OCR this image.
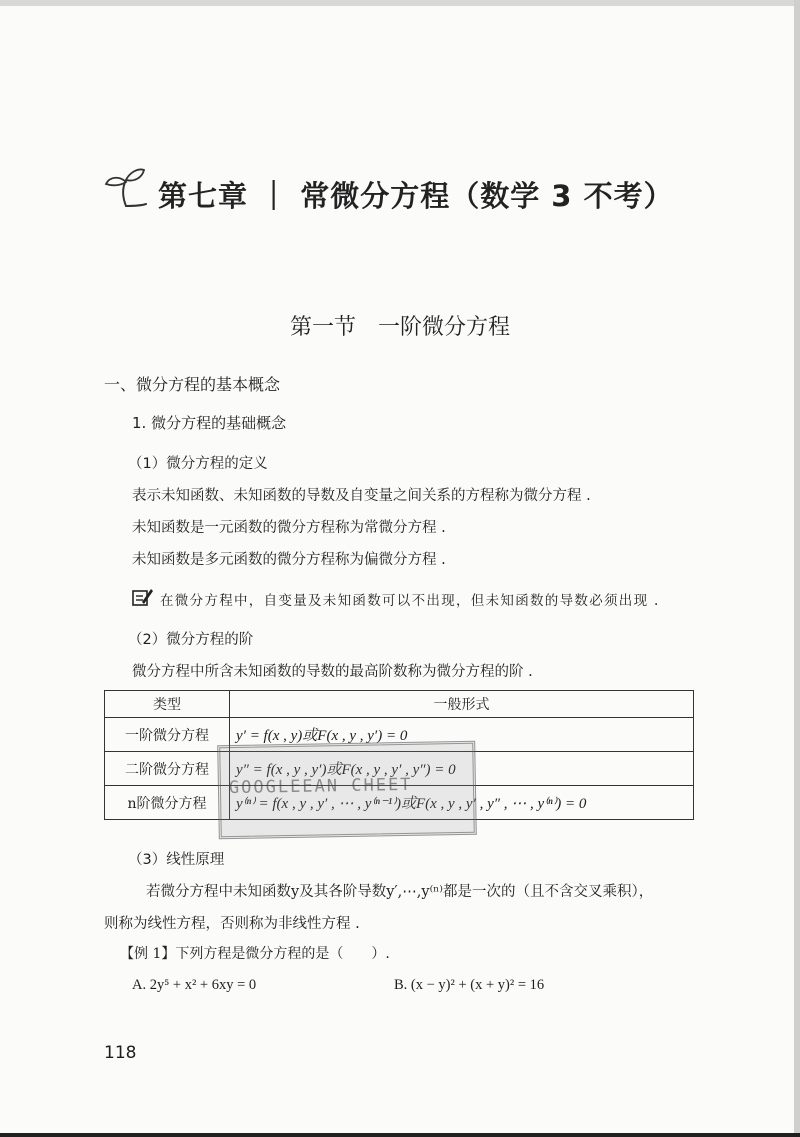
第七章 ｜ 常微分方程（数学 3 不考）
第一节　一阶微分方程
一、微分方程的基本概念
1. 微分方程的基础概念
（1）微分方程的定义
表示未知函数、未知函数的导数及自变量之间关系的方程称为微分方程 .
未知函数是一元函数的微分方程称为常微分方程 .
未知函数是多元函数的微分方程称为偏微分方程 .
在微分方程中，自变量及未知函数可以不出现，但未知函数的导数必须出现 .
（2）微分方程的阶
微分方程中所含未知函数的导数的最高阶数称为微分方程的阶 .
类型	一般形式
一阶微分方程	y′ = f(x , y)或F(x , y , y′) = 0
二阶微分方程	y″ = f(x , y , y′)或F(x , y , y′ , y″) = 0
n阶微分方程	y⁽ⁿ⁾ = f(x , y , y′ , ⋯ , y⁽ⁿ⁻¹⁾)或F(x , y , y′ , y″ , ⋯ , y⁽ⁿ⁾) = 0
GOOGLEEAN CHEET
（3）线性原理
若微分方程中未知函数y及其各阶导数y′,⋯,y⁽ⁿ⁾都是一次的（且不含交叉乘积），
则称为线性方程，否则称为非线性方程 .
【例 1】下列方程是微分方程的是（　　）.
A. 2y⁵ + x² + 6xy = 0	B. (x − y)² + (x + y)² = 16
118
